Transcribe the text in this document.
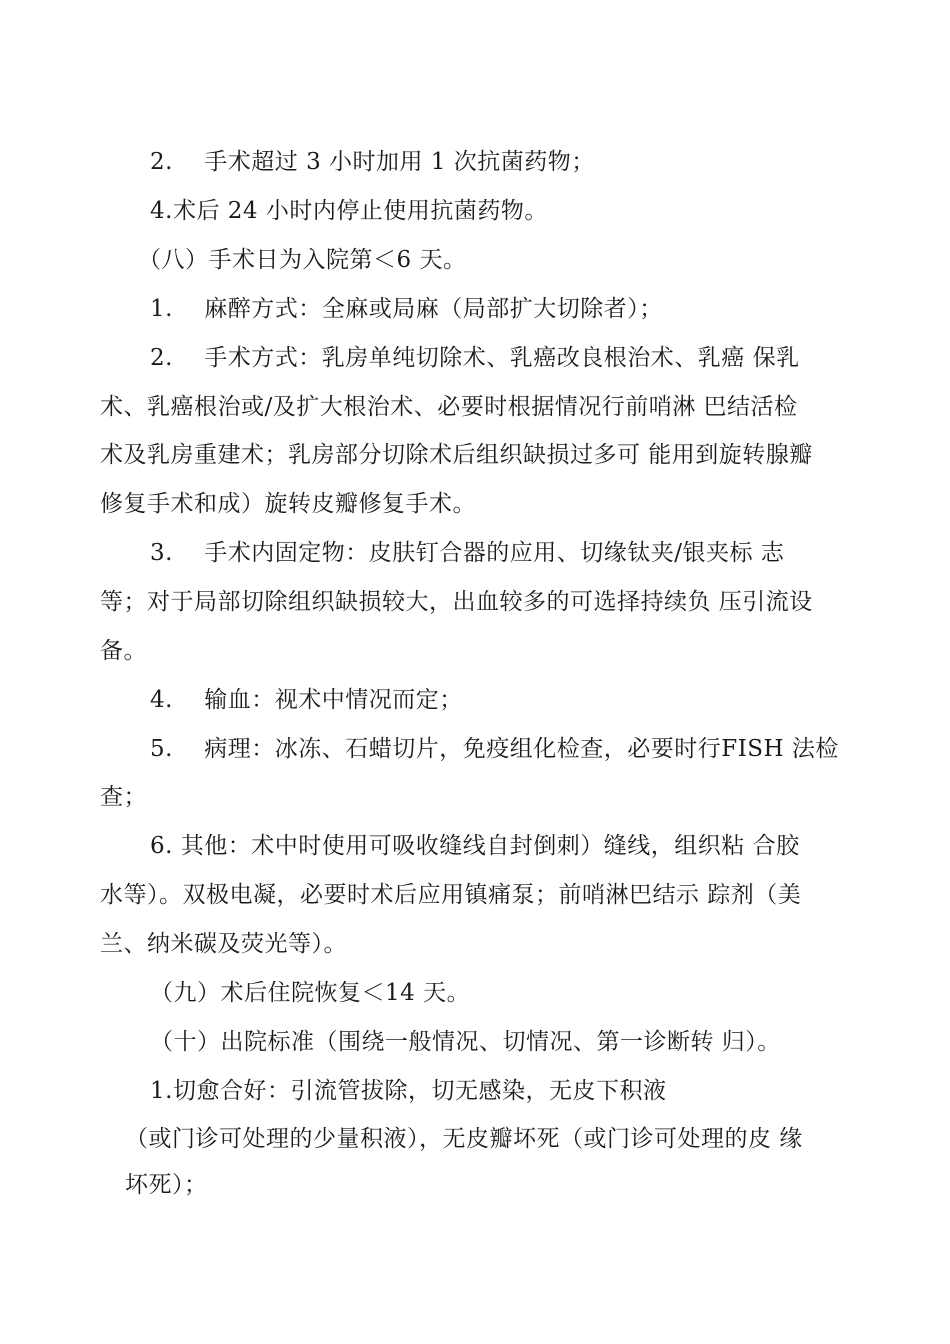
2.　 手术超过 3 小时加用 1 次抗菌药物；
4.术后 24 小时内停止使用抗菌药物。
（八）手术日为入院第＜6 天。
1.　 麻醉方式：全麻或局麻（局部扩大切除者）；
2.　 手术方式：乳房单纯切除术、乳癌改良根治术、乳癌 保乳
术、乳癌根治或/及扩大根治术、必要时根据情况行前哨淋 巴结活检
术及乳房重建术；乳房部分切除术后组织缺损过多可 能用到旋转腺瓣
修复手术和成）旋转皮瓣修复手术。
3.　 手术内固定物：皮肤钉合器的应用、切缘钛夹/银夹标 志
等；对于局部切除组织缺损较大，出血较多的可选择持续负 压引流设
备。
4.　 输血：视术中情况而定；
5.　 病理：冰冻、石蜡切片，免疫组化检查，必要时行FISH 法检
查；
6. 其他：术中时使用可吸收缝线自封倒刺）缝线，组织粘 合胶
水等）。双极电凝，必要时术后应用镇痛泵；前哨淋巴结示 踪剂（美
兰、纳米碳及荧光等）。
（九）术后住院恢复＜14 天。
（十）出院标准（围绕一般情况、切情况、第一诊断转 归）。
1.切愈合好：引流管拔除，切无感染，无皮下积液
（或门诊可处理的少量积液），无皮瓣坏死（或门诊可处理的皮 缘
坏死）；
